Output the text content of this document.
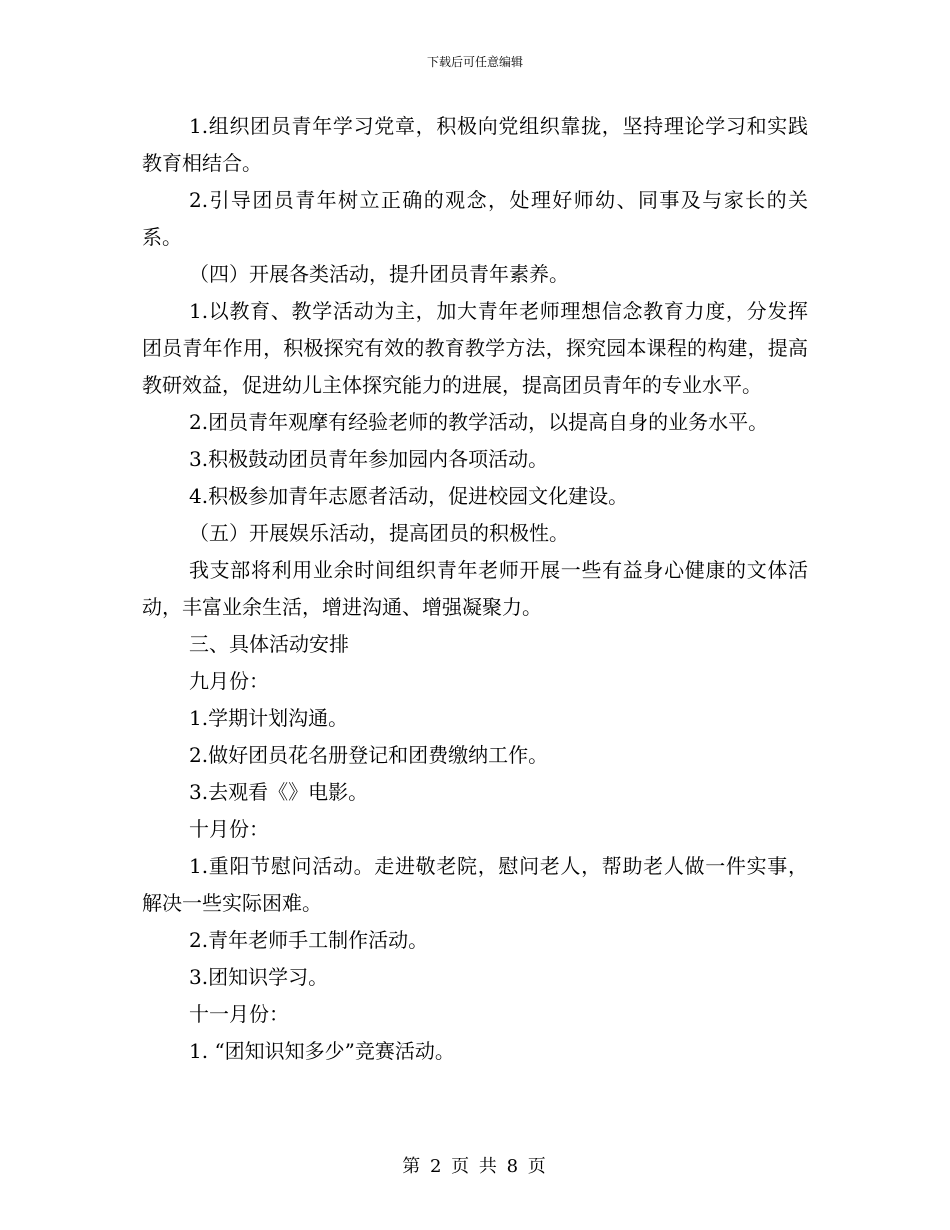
下载后可任意编辑

1.组织团员青年学习党章，积极向党组织靠拢，坚持理论学习和实践教育相结合。

2.引导团员青年树立正确的观念，处理好师幼、同事及与家长的关系。

（四）开展各类活动，提升团员青年素养。

1.以教育、教学活动为主，加大青年老师理想信念教育力度，分发挥团员青年作用，积极探究有效的教育教学方法，探究园本课程的构建，提高教研效益，促进幼儿主体探究能力的进展，提高团员青年的专业水平。

2.团员青年观摩有经验老师的教学活动，以提高自身的业务水平。

3.积极鼓动团员青年参加园内各项活动。

4.积极参加青年志愿者活动，促进校园文化建设。

（五）开展娱乐活动，提高团员的积极性。

我支部将利用业余时间组织青年老师开展一些有益身心健康的文体活动，丰富业余生活，增进沟通、增强凝聚力。

三、具体活动安排

九月份：

1.学期计划沟通。

2.做好团员花名册登记和团费缴纳工作。

3.去观看《》电影。

十月份：

1.重阳节慰问活动。走进敬老院，慰问老人，帮助老人做一件实事，解决一些实际困难。

2.青年老师手工制作活动。

3.团知识学习。

十一月份：

1. “团知识知多少”竞赛活动。

第 2 页 共 8 页
